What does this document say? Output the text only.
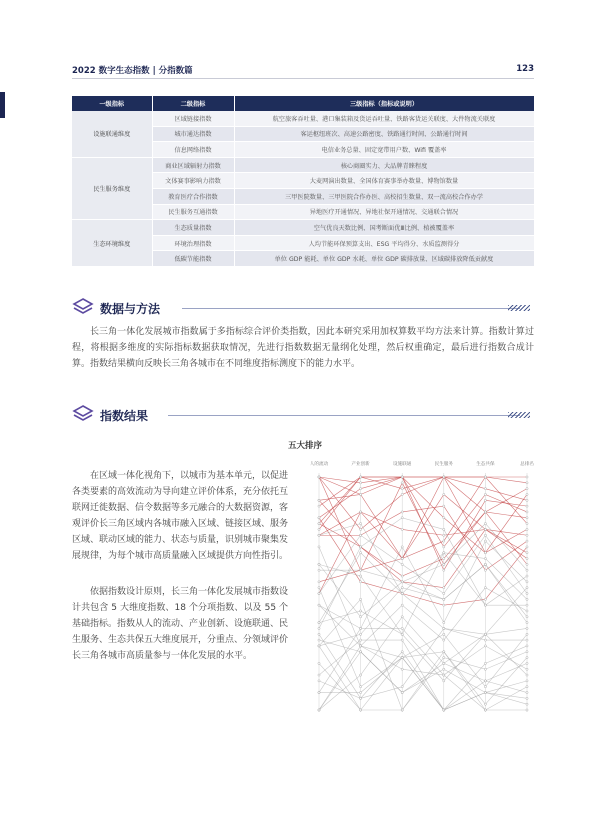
2022 数字生态指数 | 分指数篇	123
一级指标	二级指标	三级指标（指标或说明）
设施联通维度	区域链接指数	航空旅客吞吐量、港口集装箱及货运吞吐量、铁路客货运关联度、大件物流关联度
	城市通达指数	客运枢纽班次、高速公路密度、铁路通行时间、公路通行时间
	信息网络指数	电信业务总量、固定宽带用户数、Wifi 覆盖率
民生服务维度	商业区域辐射力指数	核心商圈实力、大品牌青睐程度
	文体赛事影响力指数	大麦网演出数量、全国体育赛事举办数量、博物馆数量
	教育医疗合作指数	三甲医院数量、三甲医院合作办医、高校招生数量、双一流高校合作办学
	民生服务互通指数	异地医疗开通情况、异地社保开通情况、交通联合情况
生态环境维度	生态质量指数	空气优良天数比例、国考断面优Ⅲ比例、植被覆盖率
	环境治理指数	人均节能环保预算支出、ESG 平均得分、水质监测得分
	低碳节能指数	单位 GDP 能耗、单位 GDP 水耗、单位 GDP 碳排放量、区域碳排放降低贡献度
数据与方法

长三角一体化发展城市指数属于多指标综合评价类指数，因此本研究采用加权算数平均方法来计算。指数计算过程，将根据多维度的实际指标数据获取情况，先进行指数数据无量纲化处理，然后权重确定，最后进行指数合成计算。指数结果横向反映长三角各城市在不同维度指标测度下的能力水平。

指数结果

在区域一体化视角下，以城市为基本单元，以促进各类要素的高效流动为导向建立评价体系，充分依托互联网迁徙数据、信令数据等多元融合的大数据资源，客观评价长三角区域内各城市融入区域、链接区域、服务区域、联动区域的能力、状态与质量，识别城市聚集发展规律，为每个城市高质量融入区域提供方向性指引。

依据指数设计原则，长三角一体化发展城市指数设计共包含 5 大维度指数、18 个分项指数、以及 55 个基础指标。指数从人的流动、产业创新、设施联通、民生服务、生态共保五大维度展开，分重点、分领域评价长三角各城市高质量参与一体化发展的水平。

五大排序
人的流动	产业创新	设施联通	民生服务	生态共保	总排名
